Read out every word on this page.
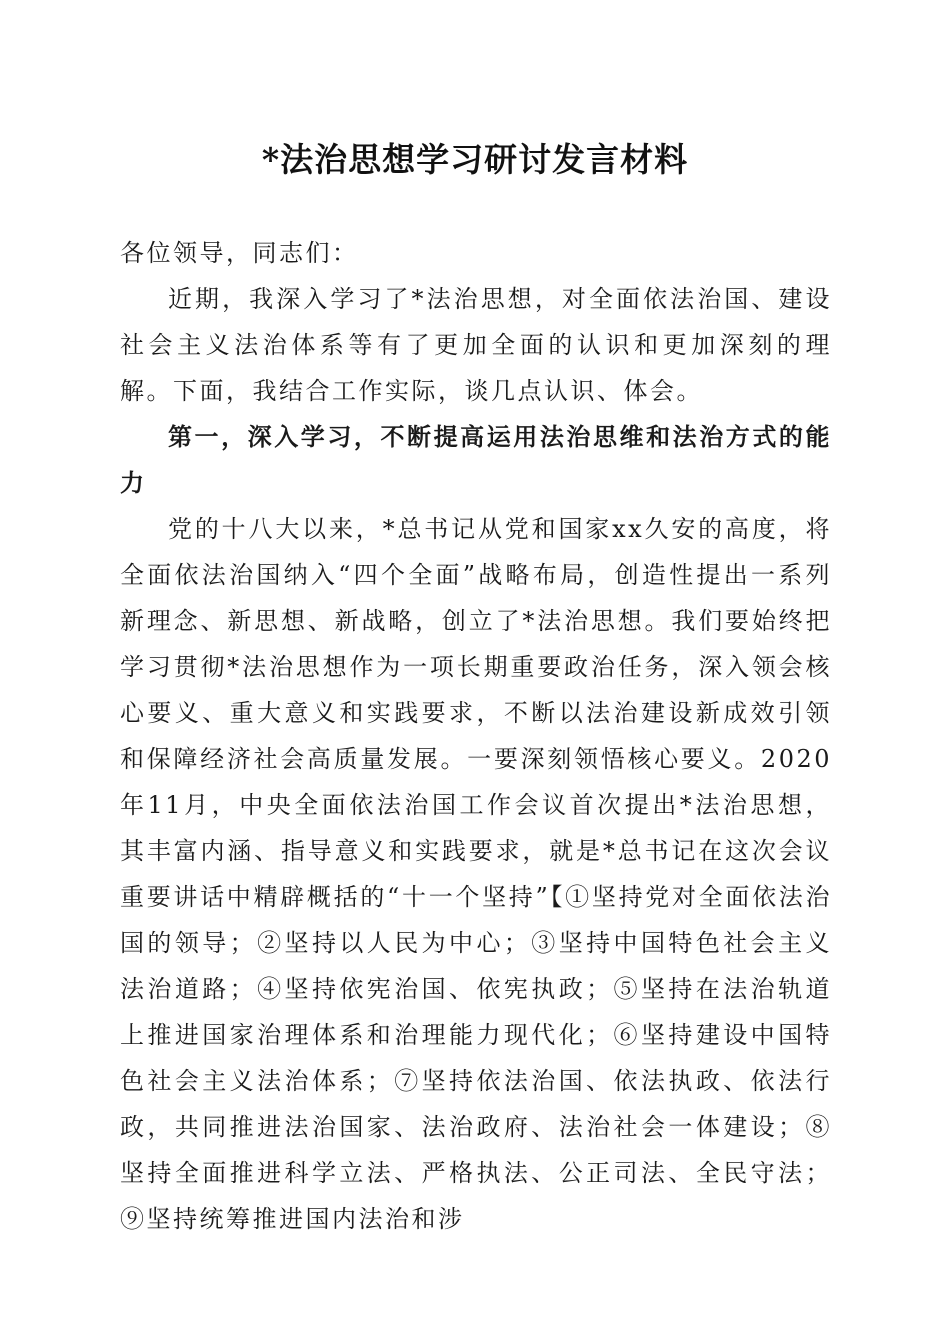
*法治思想学习研讨发言材料

各位领导，同志们：

近期，我深入学习了*法治思想，对全面依法治国、建设社会主义法治体系等有了更加全面的认识和更加深刻的理解。下面，我结合工作实际，谈几点认识、体会。

第一，深入学习，不断提高运用法治思维和法治方式的能力

党的十八大以来，*总书记从党和国家xx久安的高度，将全面依法治国纳入“四个全面”战略布局，创造性提出一系列新理念、新思想、新战略，创立了*法治思想。我们要始终把学习贯彻*法治思想作为一项长期重要政治任务，深入领会核心要义、重大意义和实践要求，不断以法治建设新成效引领和保障经济社会高质量发展。一要深刻领悟核心要义。2020年11月，中央全面依法治国工作会议首次提出*法治思想，其丰富内涵、指导意义和实践要求，就是*总书记在这次会议重要讲话中精辟概括的“十一个坚持”【①坚持党对全面依法治国的领导；②坚持以人民为中心；③坚持中国特色社会主义法治道路；④坚持依宪治国、依宪执政；⑤坚持在法治轨道上推进国家治理体系和治理能力现代化；⑥坚持建设中国特色社会主义法治体系；⑦坚持依法治国、依法执政、依法行政，共同推进法治国家、法治政府、法治社会一体建设；⑧坚持全面推进科学立法、严格执法、公正司法、全民守法；⑨坚持统筹推进国内法治和涉
